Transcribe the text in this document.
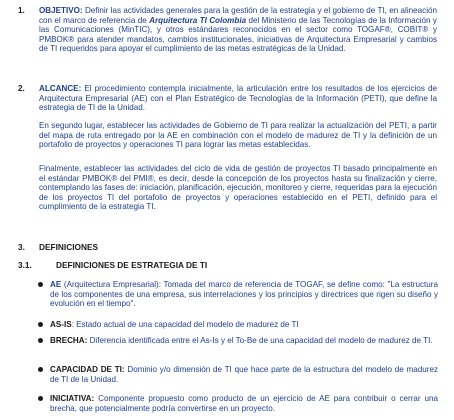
1. OBJETIVO: Definir las actividades generales para la gestión de la estrategia y el gobierno de TI, en alineación con el marco de referencia de Arquitectura TI Colombia del Ministerio de las Tecnologías de la Información y las Comunicaciones (MinTIC), y otros estándares reconocidos en el sector como TOGAF®, COBIT® y PMBOK® para atender mandatos, cambios institucionales, iniciativas de Arquitectura Empresarial y cambios de TI requeridos para apoyar el cumplimiento de las metas estratégicas de la Unidad.
2. ALCANCE: El procedimiento contempla inicialmente, la articulación entre los resultados de los ejercicios de Arquitectura Empresarial (AE) con el Plan Estratégico de Tecnologías de la Información (PETI), que define la estrategia de TI de la Unidad.
En segundo lugar, establecer las actividades de Gobierno de TI para realizar la actualización del PETI, a partir del mapa de ruta entregado por la AE en combinación con el modelo de madurez de TI y la definición de un portafolio de proyectos y operaciones TI para lograr las metas establecidas.
Finalmente, establecer las actividades del ciclo de vida de gestión de proyectos TI basado principalmente en el estándar PMBOK® del PMI®, es decir, desde la concepción de los proyectos hasta su finalización y cierre, contemplando las fases de: iniciación, planificación, ejecución, monitoreo y cierre, requeridas para la ejecución de los proyectos TI del portafolio de proyectos y operaciones establecido en el PETI, definido para el cumplimiento de la estrategia TI.
3. DEFINICIONES
3.1.	DEFINICIONES DE ESTRATEGIA DE TI
AE (Arquitectura Empresarial): Tomada del marco de referencia de TOGAF, se define como: "La estructura de los componentes de una empresa, sus interrelaciones y los principios y directrices que rigen su diseño y evolución en el tiempo".
AS-IS: Estado actual de una capacidad del modelo de madurez de TI
BRECHA: Diferencia identificada entre el As-Is y el To-Be de una capacidad del modelo de madurez de TI.
CAPACIDAD DE TI: Dominio y/o dimensión de TI que hace parte de la estructura del modelo de madurez de TI de la Unidad.
INICIATIVA: Componente propuesto como producto de un ejercicio de AE para contribuir o cerrar una brecha, que potencialmente podría convertirse en un proyecto.
